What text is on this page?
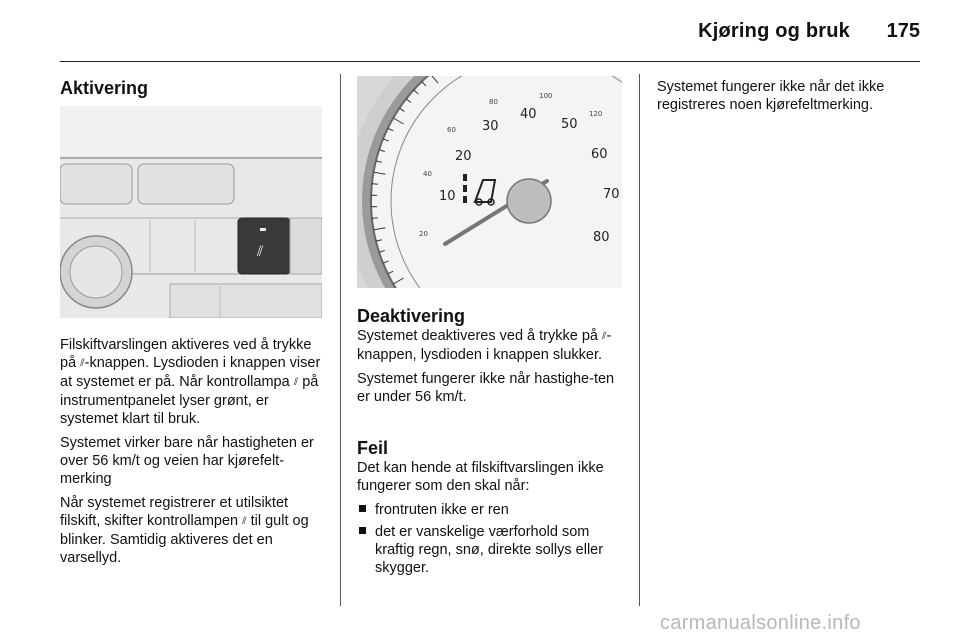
Kjøring og bruk 175
Aktivering
⫽

Filskiftvarslingen aktiveres ved å trykke på ⫽-knappen. Lysdioden i knappen viser at systemet er på. Når kontrollampa ⫽ på instrumentpanelet lyser grønt, er systemet klart til bruk.

Systemet virker bare når hastigheten er over 56 km/t og veien har kjørefelt-merking

Når systemet registrerer et utilsiktet filskift, skifter kontrollampen ⫽ til gult og blinker. Samtidig aktiveres det en varsellyd.

10
20
30
40
50
60
70
80
20
40
60
80
100
120
Deaktivering

Systemet deaktiveres ved å trykke på ⫽-knappen, lysdioden i knappen slukker.

Systemet fungerer ikke når hastighe-ten er under 56 km/t.

Feil

Det kan hende at filskiftvarslingen ikke fungerer som den skal når:

frontruten ikke er ren
det er vanskelige værforhold som kraftig regn, snø, direkte sollys eller skygger.

Systemet fungerer ikke når det ikke registreres noen kjørefeltmerking.

carmanualsonline.info
